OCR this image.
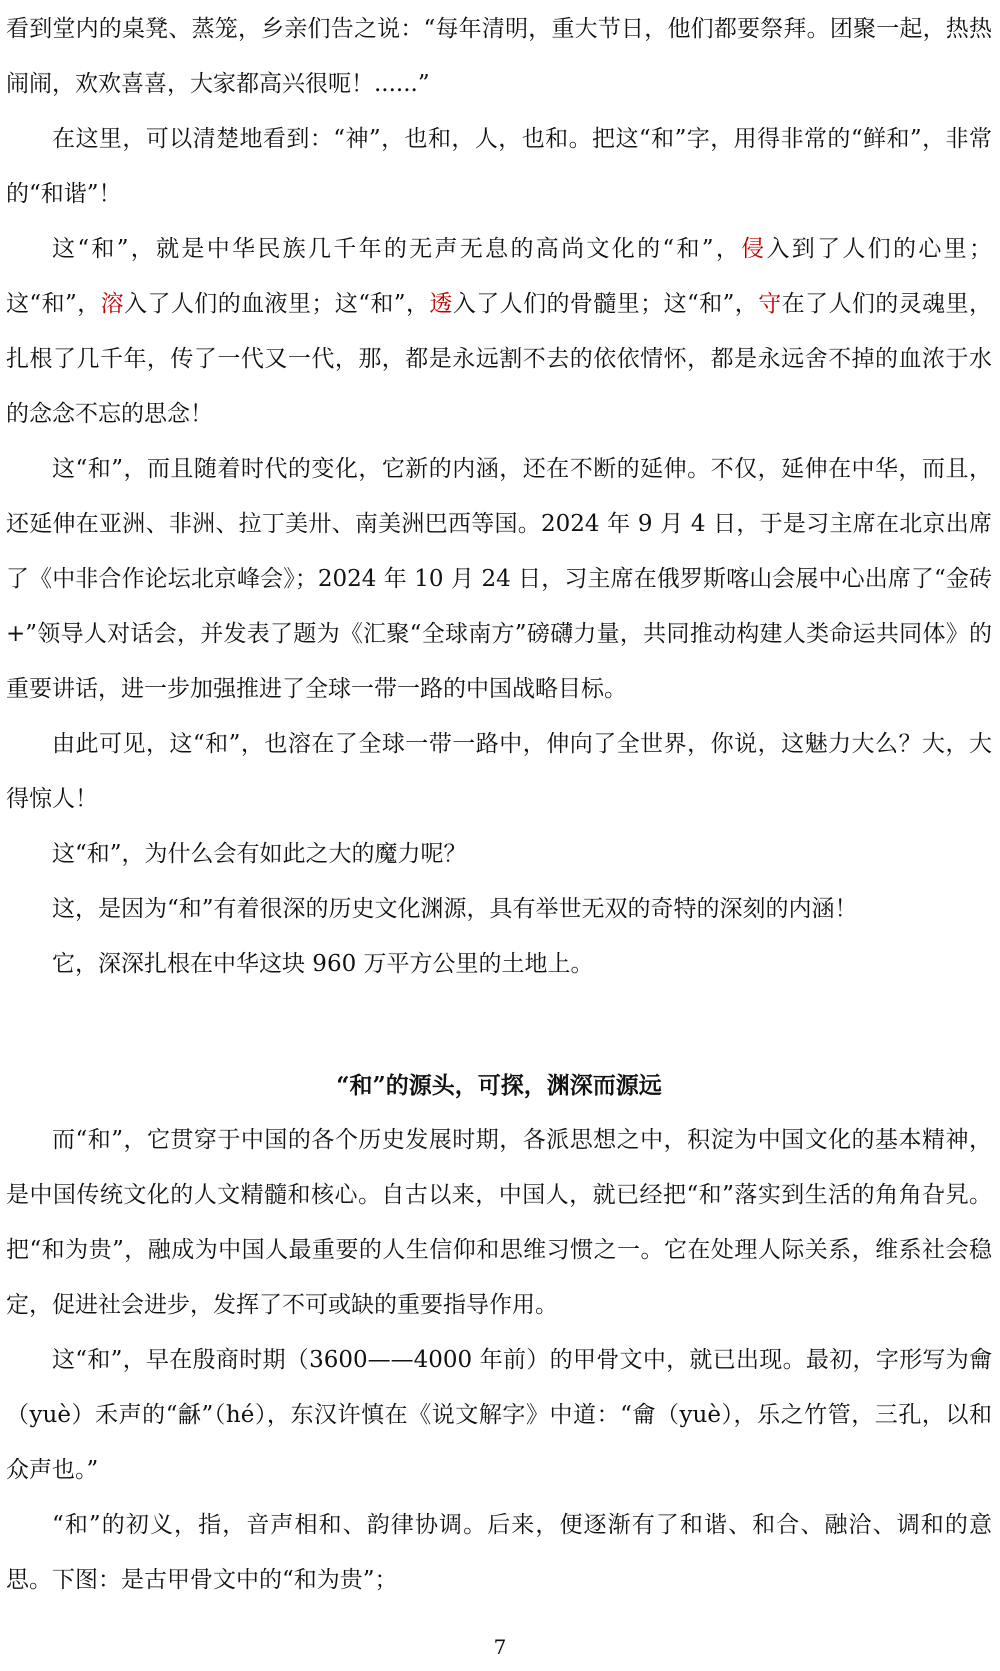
看到堂内的桌凳、蒸笼，乡亲们告之说：“每年清明，重大节日，他们都要祭拜。团聚一起，热热闹闹，欢欢喜喜，大家都高兴很呃！......”

在这里，可以清楚地看到：“神”，也和，人，也和。把这“和”字，用得非常的“鲜和”，非常的“和谐”！

这“和”，就是中华民族几千年的无声无息的高尚文化的“和”，侵入到了人们的心里；这“和”，溶入了人们的血液里；这“和”，透入了人们的骨髓里；这“和”，守在了人们的灵魂里，扎根了几千年，传了一代又一代，那，都是永远割不去的依依情怀，都是永远舍不掉的血浓于水的念念不忘的思念！

这“和”，而且随着时代的变化，它新的内涵，还在不断的延伸。不仅，延伸在中华，而且，还延伸在亚洲、非洲、拉丁美卅、南美洲巴西等国。2024 年 9 月 4 日，于是习主席在北京出席了《中非合作论坛北京峰会》；2024 年 10 月 24 日，习主席在俄罗斯喀山会展中心出席了“金砖+”领导人对话会，并发表了题为《汇聚“全球南方”磅礴力量，共同推动构建人类命运共同体》的重要讲话，进一步加强推进了全球一带一路的中国战略目标。

由此可见，这“和”，也溶在了全球一带一路中，伸向了全世界，你说，这魅力大么？大，大得惊人！

这“和”，为什么会有如此之大的魔力呢？

这，是因为“和”有着很深的历史文化渊源，具有举世无双的奇特的深刻的内涵！

它，深深扎根在中华这块 960 万平方公里的土地上。

“和”的源头，可探，渊深而源远

而“和”，它贯穿于中国的各个历史发展时期，各派思想之中，积淀为中国文化的基本精神，是中国传统文化的人文精髓和核心。自古以来，中国人，就已经把“和”落实到生活的角角旮旯。把“和为贵”，融成为中国人最重要的人生信仰和思维习惯之一。它在处理人际关系，维系社会稳定，促进社会进步，发挥了不可或缺的重要指导作用。

这“和”，早在殷商时期（3600——4000 年前）的甲骨文中，就已出现。最初，字形写为龠（yuè）禾声的“龢”（hé），东汉许慎在《说文解字》中道：“龠（yuè），乐之竹管，三孔，以和众声也。”

“和”的初义，指，音声相和、韵律协调。后来，便逐渐有了和谐、和合、融洽、调和的意思。下图：是古甲骨文中的“和为贵”；

7
